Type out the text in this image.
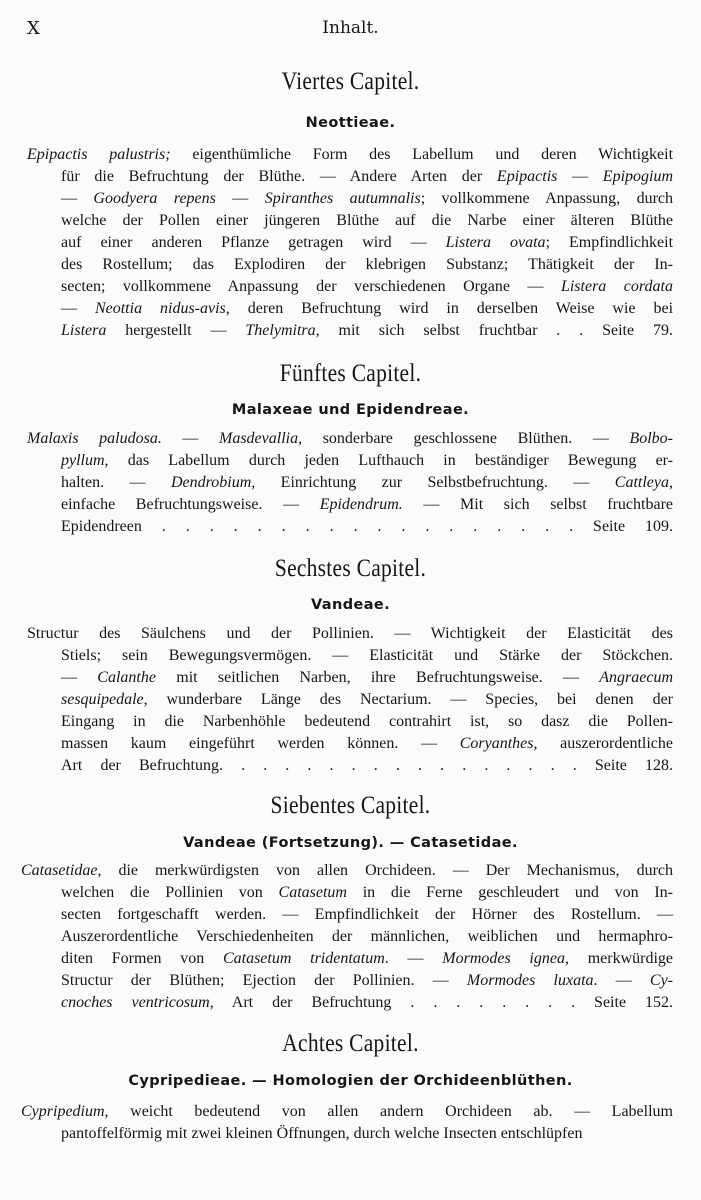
X	Inhalt.
Viertes Capitel.
Neottieae.
Epipactis palustris; eigenthümliche Form des Labellum und deren Wichtigkeit
für die Befruchtung der Blüthe. — Andere Arten der Epipactis — Epipogium
— Goodyera repens — Spiranthes autumnalis; vollkommene Anpassung, durch
welche der Pollen einer jüngeren Blüthe auf die Narbe einer älteren Blüthe
auf einer anderen Pflanze getragen wird — Listera ovata; Empfindlichkeit
des Rostellum; das Explodiren der klebrigen Substanz; Thätigkeit der In-
secten; vollkommene Anpassung der verschiedenen Organe — Listera cordata
— Neottia nidus-avis, deren Befruchtung wird in derselben Weise wie bei
Listera hergestellt — Thelymitra, mit sich selbst fruchtbar . . Seite 79.
Fünftes Capitel.
Malaxeae und Epidendreae.
Malaxis paludosa. — Masdevallia, sonderbare geschlossene Blüthen. — Bolbo-
pyllum, das Labellum durch jeden Lufthauch in beständiger Bewegung er-
halten. — Dendrobium, Einrichtung zur Selbstbefruchtung. — Cattleya,
einfache Befruchtungsweise. — Epidendrum. — Mit sich selbst fruchtbare
Epidendreen . . . . . . . . . . . . . . . . . . Seite 109.
Sechstes Capitel.
Vandeae.
Structur des Säulchens und der Pollinien. — Wichtigkeit der Elasticität des
Stiels; sein Bewegungsvermögen. — Elasticität und Stärke der Stöckchen.
— Calanthe mit seitlichen Narben, ihre Befruchtungsweise. — Angraecum
sesquipedale, wunderbare Länge des Nectarium. — Species, bei denen der
Eingang in die Narbenhöhle bedeutend contrahirt ist, so dasz die Pollen-
massen kaum eingeführt werden können. — Coryanthes, auszerordentliche
Art der Befruchtung. . . . . . . . . . . . . . . . . Seite 128.
Siebentes Capitel.
Vandeae (Fortsetzung). — Catasetidae.
Catasetidae, die merkwürdigsten von allen Orchideen. — Der Mechanismus, durch
welchen die Pollinien von Catasetum in die Ferne geschleudert und von In-
secten fortgeschafft werden. — Empfindlichkeit der Hörner des Rostellum. —
Auszerordentliche Verschiedenheiten der männlichen, weiblichen und hermaphro-
diten Formen von Catasetum tridentatum. — Mormodes ignea, merkwürdige
Structur der Blüthen; Ejection der Pollinien. — Mormodes luxata. — Cy-
cnoches ventricosum, Art der Befruchtung . . . . . . . . Seite 152.
Achtes Capitel.
Cypripedieae. — Homologien der Orchideenblüthen.
Cypripedium, weicht bedeutend von allen andern Orchideen ab. — Labellum
pantoffelförmig mit zwei kleinen Öffnungen, durch welche Insecten entschlüpfen
